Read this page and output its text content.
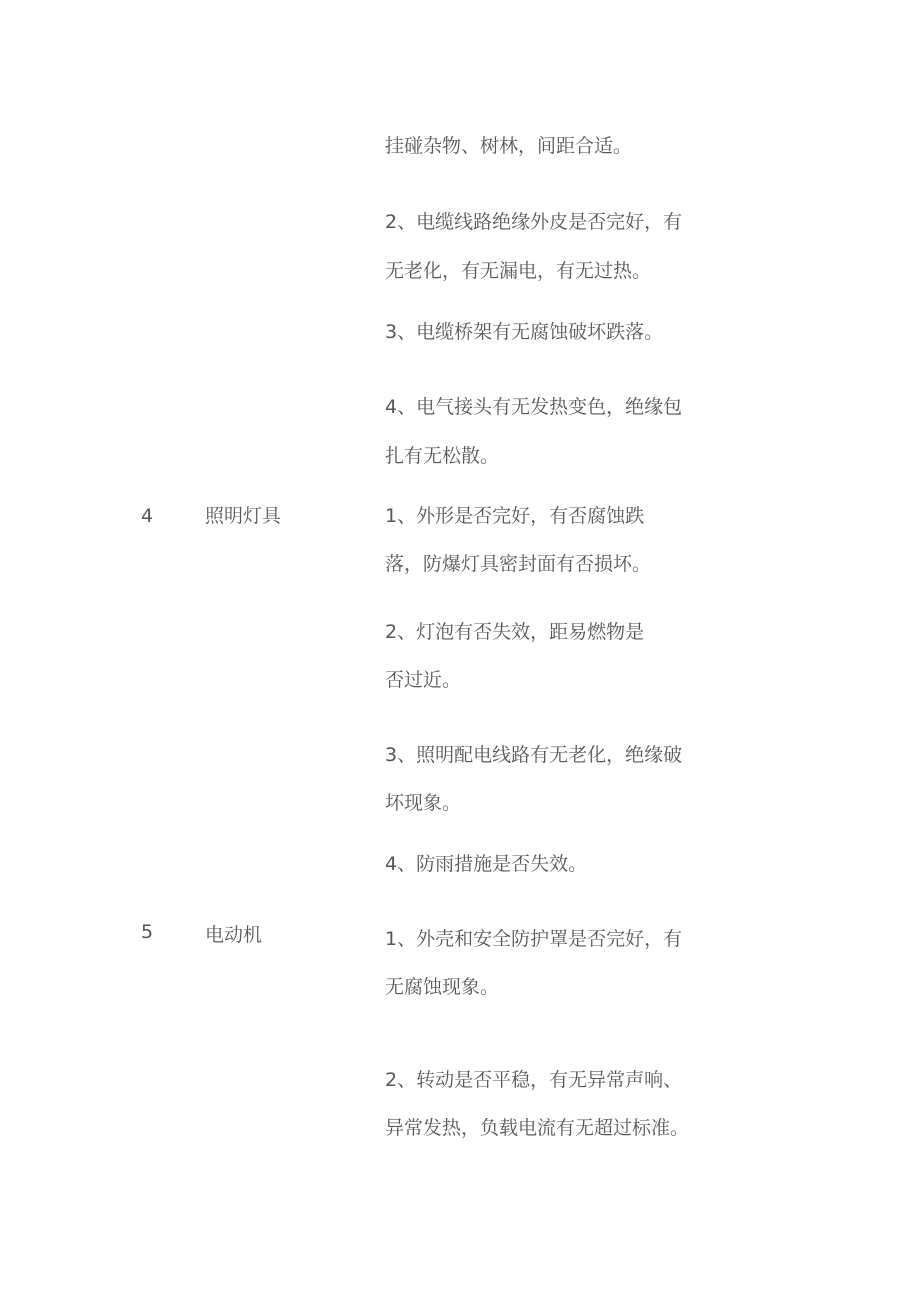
挂碰杂物、树林，间距合适。

2、电缆线路绝缘外皮是否完好，有

无老化，有无漏电，有无过热。

3、电缆桥架有无腐蚀破坏跌落。

4、电气接头有无发热变色，绝缘包

扎有无松散。

4	照明灯具	1、外形是否完好，有否腐蚀跌

落，防爆灯具密封面有否损坏。

2、灯泡有否失效，距易燃物是

否过近。

3、照明配电线路有无老化，绝缘破

坏现象。

4、防雨措施是否失效。

5	电动机	1、外壳和安全防护罩是否完好，有

无腐蚀现象。

2、转动是否平稳，有无异常声响、

异常发热，负载电流有无超过标准。
